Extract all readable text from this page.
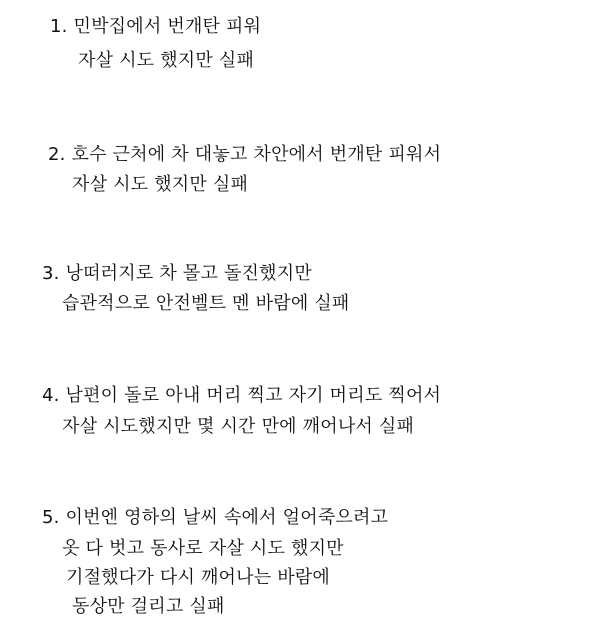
1. 민박집에서 번개탄 피워
자살 시도 했지만 실패
2. 호수 근처에 차 대놓고 차안에서 번개탄 피워서
자살 시도 했지만 실패
3. 낭떠러지로 차 몰고 돌진했지만
습관적으로 안전벨트 멘 바람에 실패
4. 남편이 돌로 아내 머리 찍고 자기 머리도 찍어서
자살 시도했지만 몇 시간 만에 깨어나서 실패
5. 이번엔 영하의 날씨 속에서 얼어죽으려고
옷 다 벗고 동사로 자살 시도 했지만
기절했다가 다시 깨어나는 바람에
동상만 걸리고 실패
